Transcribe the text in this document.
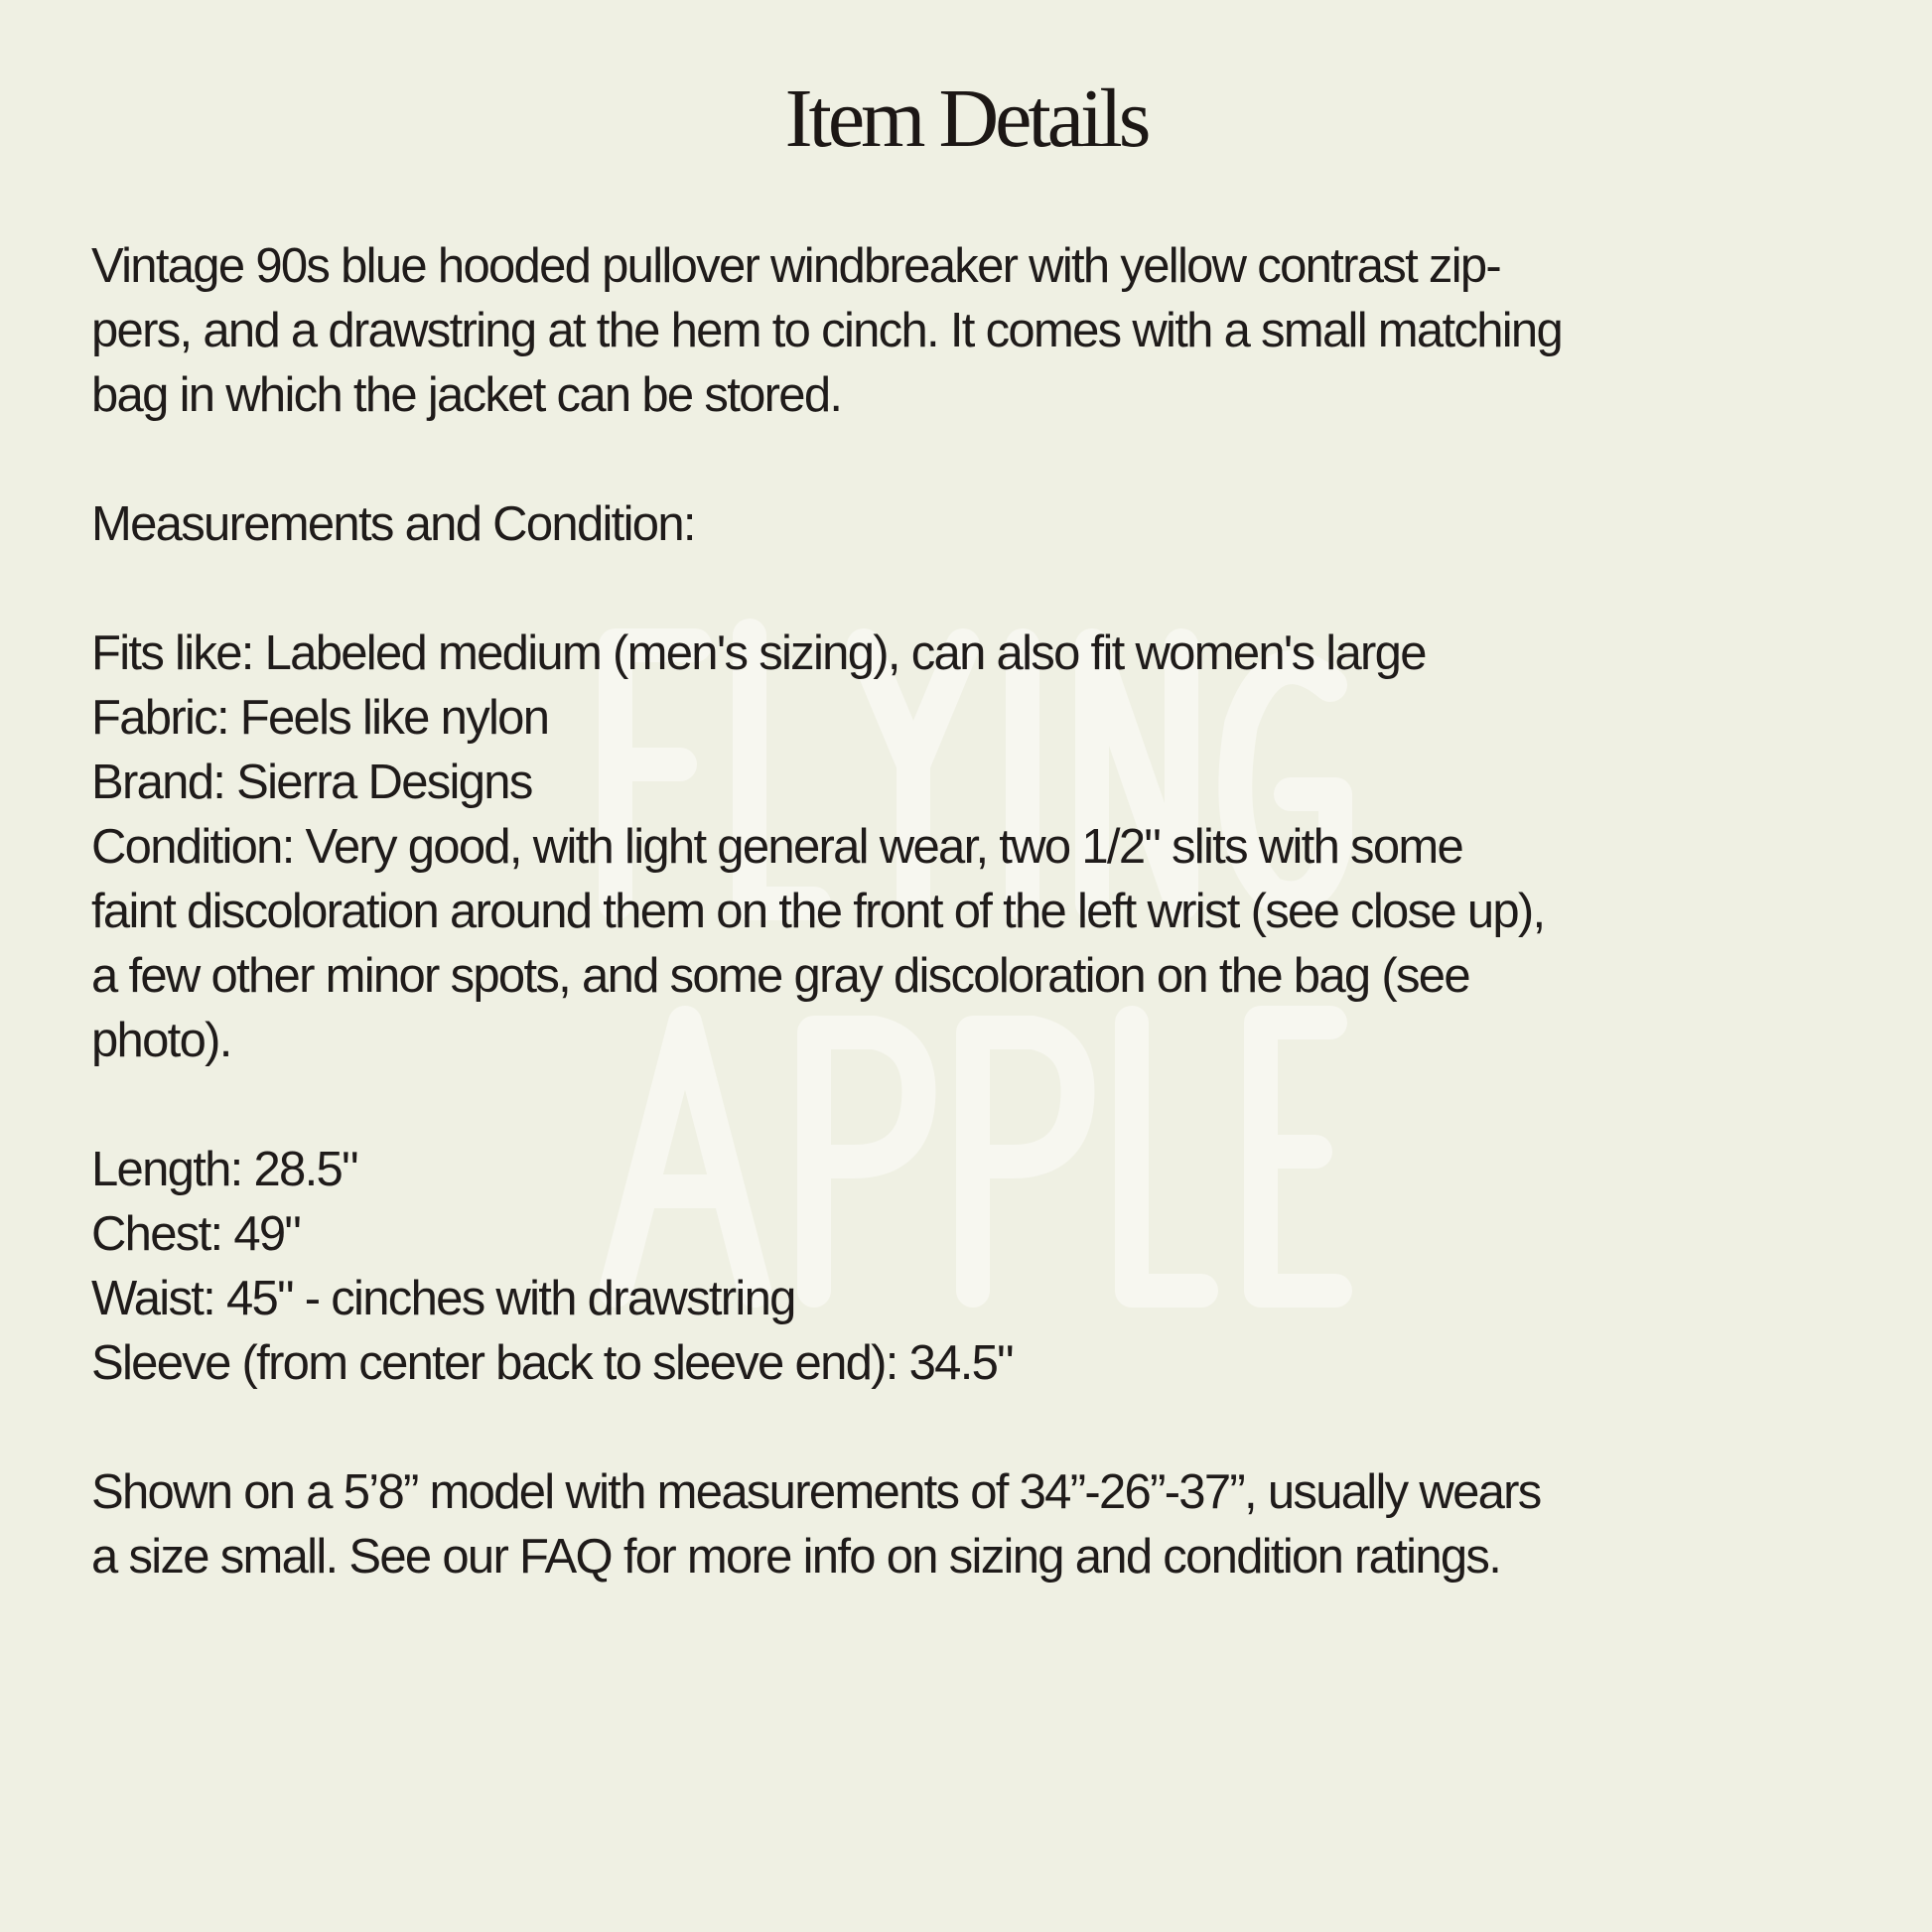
Item Details

Vintage 90s blue hooded pullover windbreaker with yellow contrast zip-
pers, and a drawstring at the hem to cinch. It comes with a small matching
bag in which the jacket can be stored.

Measurements and Condition:

Fits like: Labeled medium (men's sizing), can also fit women's large
Fabric: Feels like nylon
Brand: Sierra Designs
Condition: Very good, with light general wear, two 1/2" slits with some
faint discoloration around them on the front of the left wrist (see close up),
a few other minor spots, and some gray discoloration on the bag (see
photo).

Length: 28.5"
Chest: 49"
Waist: 45" - cinches with drawstring
Sleeve (from center back to sleeve end): 34.5"

Shown on a 5’8” model with measurements of 34”-26”-37”, usually wears
a size small. See our FAQ for more info on sizing and condition ratings.
